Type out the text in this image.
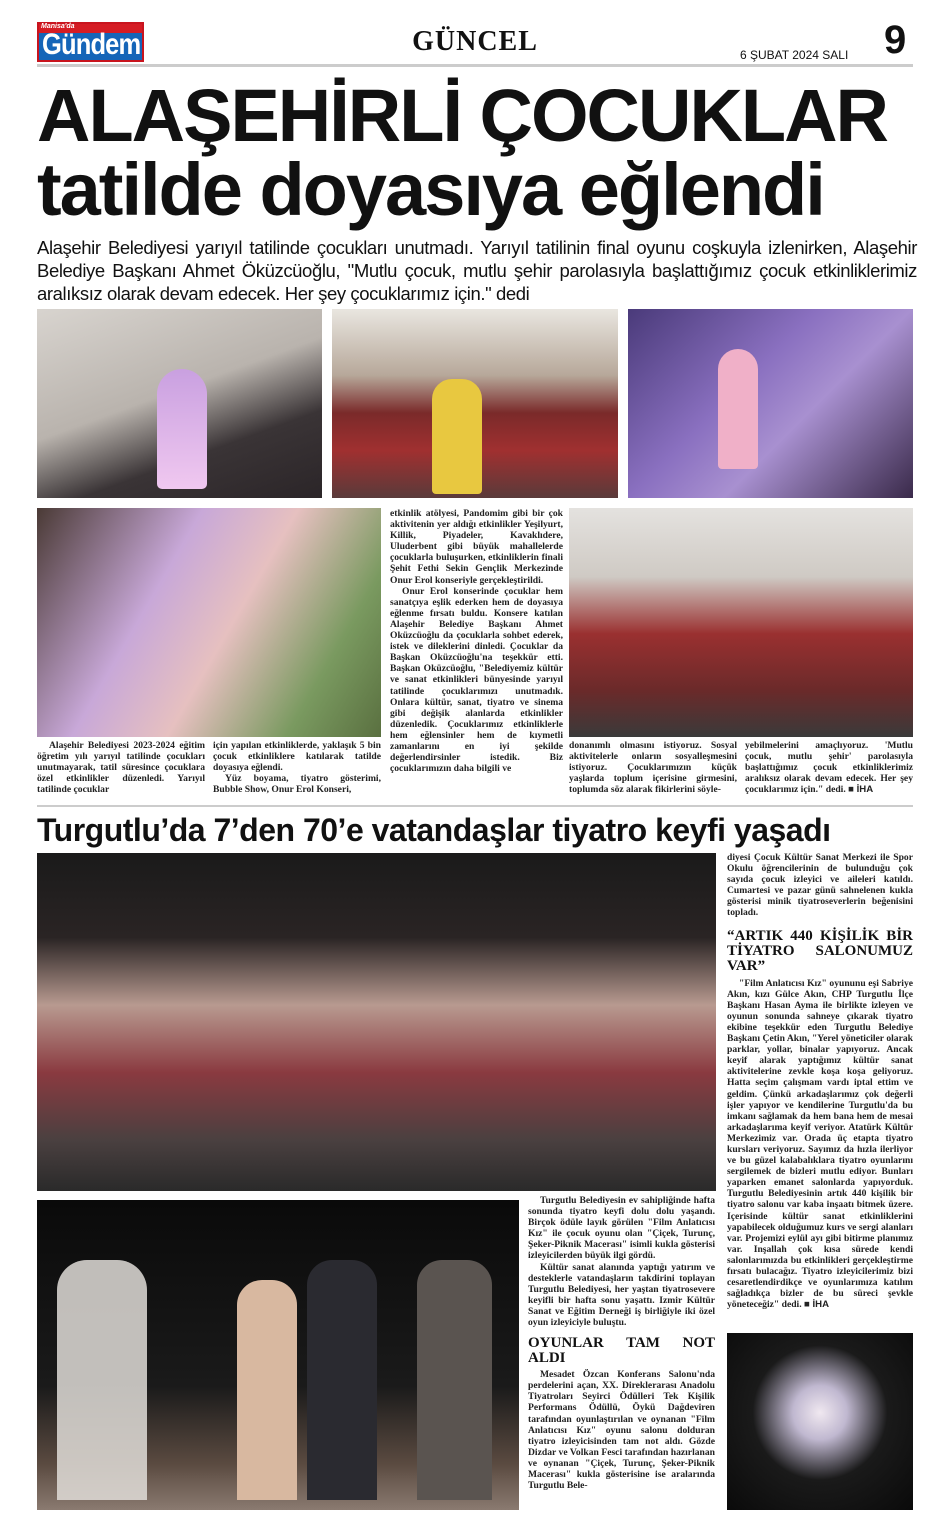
Manisa'da
Gündem	GÜNCEL	6 ŞUBAT 2024 SALI 9
ALAŞEHİRLİ ÇOCUKLAR
tatilde doyasıya eğlendi
Alaşehir Belediyesi yarıyıl tatilinde çocukları unutmadı. Yarıyıl tatilinin final oyunu coşkuyla izlenirken, Alaşehir Belediye Başkanı Ahmet Öküzcüoğlu, "Mutlu çocuk, mutlu şehir parolasıyla başlattığımız çocuk etkinliklerimiz aralıksız olarak devam edecek. Her şey çocuklarımız için." dedi
etkinlik atölyesi, Pandomim gibi bir çok aktivitenin yer aldığı etkinlikler Yeşilyurt, Killik, Piyadeler, Kavaklıdere, Uluderbent gibi büyük mahallelerde çocuklarla buluşurken, etkinliklerin finali Şehit Fethi Sekin Gençlik Merkezinde Onur Erol konseriyle gerçekleştirildi.

Onur Erol konserinde çocuklar hem sanatçıya eşlik ederken hem de doyasıya eğlenme fırsatı buldu. Konsere katılan Alaşehir Belediye Başkanı Ahmet Oküzcüoğlu da çocuklarla sohbet ederek, istek ve dileklerini dinledi. Çocuklar da Başkan Oküzcüoğlu'na teşekkür etti. Başkan Oküzcüoğlu, "Belediyemiz kültür ve sanat etkinlikleri bünyesinde yarıyıl tatilinde çocuklarımızı unutmadık. Onlara kültür, sanat, tiyatro ve sinema gibi değişik alanlarda etkinlikler düzenledik. Çocuklarımız etkinliklerle hem eğlensinler hem de kıymetli zamanlarını en iyi şekilde değerlendirsinler istedik. Biz çocuklarımızın daha bilgili ve

Alaşehir Belediyesi 2023-2024 eğitim öğretim yılı yarıyıl tatilinde çocukları unutmayarak, tatil süresince çocuklara özel etkinlikler düzenledi. Yarıyıl tatilinde çocuklar

için yapılan etkinliklerde, yaklaşık 5 bin çocuk etkinliklere katılarak tatilde doyasıya eğlendi.

Yüz boyama, tiyatro gösterimi, Bubble Show, Onur Erol Konseri,

donanımlı olmasını istiyoruz. Sosyal aktivitelerle onların sosyalleşmesini istiyoruz. Çocuklarımızın küçük yaşlarda toplum içerisine girmesini, toplumda söz alarak fikirlerini söyle-
yebilmelerini amaçlıyoruz. 'Mutlu çocuk, mutlu şehir' parolasıyla başlattığımız çocuk etkinliklerimiz aralıksız olarak devam edecek. Her şey çocuklarımız için." dedi. ■ İHA
Turgutlu’da 7’den 70’e vatandaşlar tiyatro keyfi yaşadı
diyesi Çocuk Kültür Sanat Merkezi ile Spor Okulu öğrencilerinin de bulunduğu çok sayıda çocuk izleyici ve aileleri katıldı. Cumartesi ve pazar günü sahnelenen kukla gösterisi minik tiyatroseverlerin beğenisini topladı.
“ARTIK 440 KİŞİLİK BİR TİYATRO SALONUMUZ VAR”

"Film Anlatıcısı Kız" oyununu eşi Sabriye Akın, kızı Gülce Akın, CHP Turgutlu İlçe Başkanı Hasan Ayma ile birlikte izleyen ve oyunun sonunda sahneye çıkarak tiyatro ekibine teşekkür eden Turgutlu Belediye Başkanı Çetin Akın, "Yerel yöneticiler olarak parklar, yollar, binalar yapıyoruz. Ancak keyif alarak yaptığımız kültür sanat aktivitelerine zevkle koşa koşa geliyoruz. Hatta seçim çalışmam vardı iptal ettim ve geldim. Çünkü arkadaşlarımız çok değerli işler yapıyor ve kendilerine Turgutlu'da bu imkanı sağlamak da hem bana hem de mesai arkadaşlarıma keyif veriyor. Atatürk Kültür Merkezimiz var. Orada üç etapta tiyatro kursları veriyoruz. Sayımız da hızla ilerliyor ve bu güzel kalabalıklara tiyatro oyunlarını sergilemek de bizleri mutlu ediyor. Bunları yaparken emanet salonlarda yapıyorduk. Turgutlu Belediyesinin artık 440 kişilik bir tiyatro salonu var kaba inşaatı bitmek üzere. Içerisinde kültür sanat etkinliklerini yapabilecek olduğumuz kurs ve sergi alanları var. Projemizi eylül ayı gibi bitirme planımız var. Inşallah çok kısa sürede kendi salonlarımızda bu etkinlikleri gerçekleştirme fırsatı bulacağız. Tiyatro izleyicilerimiz bizi cesaretlendirdikçe ve oyunlarımıza katılım sağladıkça bizler de bu süreci şevkle yöneteceğiz" dedi. ■ İHA

Turgutlu Belediyesin ev sahipliğinde hafta sonunda tiyatro keyfi dolu dolu yaşandı. Birçok ödüle layık görülen "Film Anlatıcısı Kız" ile çocuk oyunu olan "Çiçek, Turunç, Şeker-Piknik Macerası" isimli kukla gösterisi izleyicilerden büyük ilgi gördü.

Kültür sanat alanında yaptığı yatırım ve desteklerle vatandaşların takdirini toplayan Turgutlu Belediyesi, her yaştan tiyatrosevere keyifli bir hafta sonu yaşattı. Izmir Kültür Sanat ve Eğitim Derneği iş birliğiyle iki özel oyun izleyiciyle buluştu.

OYUNLAR TAM NOT ALDI

Mesadet Özcan Konferans Salonu'nda perdelerini açan, XX. Direklerarası Anadolu Tiyatroları Seyirci Ödülleri Tek Kişilik Performans Ödüllü, Öykü Dağdeviren tarafından oyunlaştırılan ve oynanan "Film Anlatıcısı Kız" oyunu salonu dolduran tiyatro izleyicisinden tam not aldı. Gözde Dizdar ve Volkan Fesci tarafından hazırlanan ve oynanan "Çiçek, Turunç, Şeker-Piknik Macerası" kukla gösterisine ise aralarında Turgutlu Bele-
